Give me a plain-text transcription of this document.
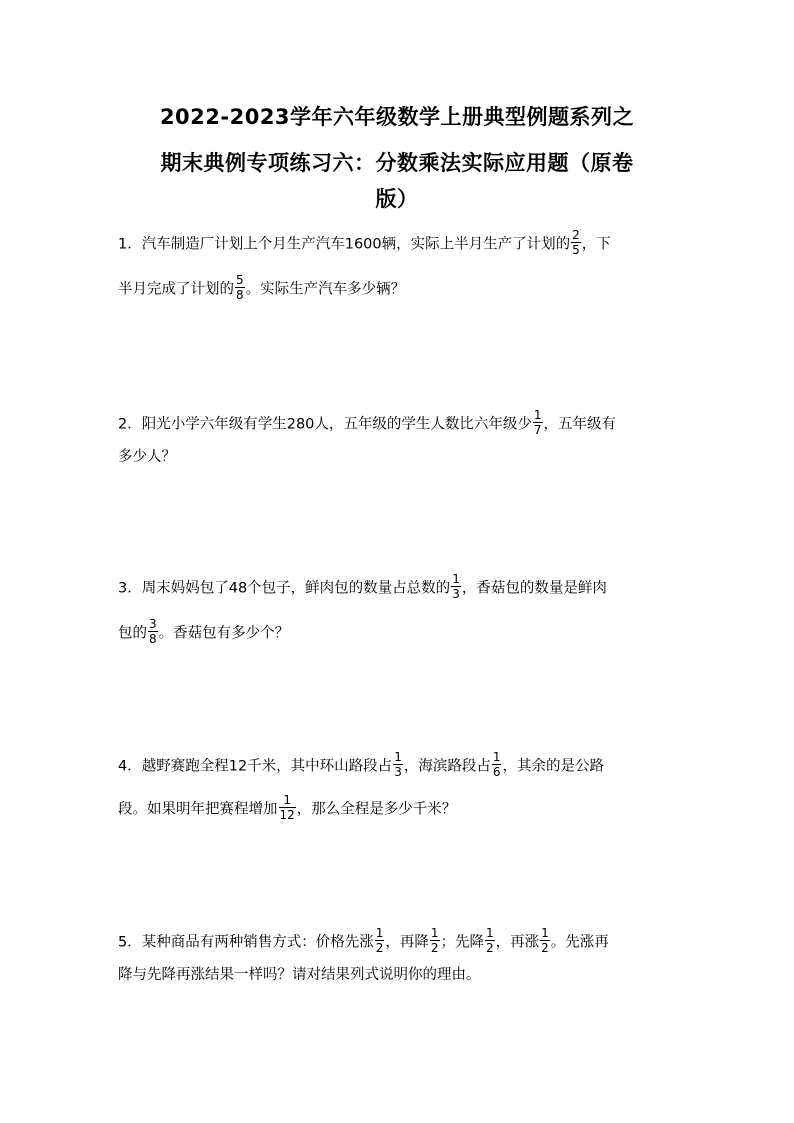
2022-2023学年六年级数学上册典型例题系列之
期末典例专项练习六：分数乘法实际应用题（原卷
版）
1．汽车制造厂计划上个月生产汽车1600辆，实际上半月生产了计划的 $\frac{2}{5}$ ，下
半月完成了计划的 $\frac{5}{8}$ 。实际生产汽车多少辆？
2．阳光小学六年级有学生280人，五年级的学生人数比六年级少 $\frac{1}{7}$ ，五年级有
多少人？
3．周末妈妈包了48个包子，鲜肉包的数量占总数的 $\frac{1}{3}$ ，香菇包的数量是鲜肉
包的 $\frac{3}{8}$ 。香菇包有多少个？
4．越野赛跑全程12千米，其中环山路段占 $\frac{1}{3}$ ，海滨路段占 $\frac{1}{6}$ ，其余的是公路
段。如果明年把赛程增加 $\frac{1}{12}$ ，那么全程是多少千米？
5．某种商品有两种销售方式：价格先涨 $\frac{1}{2}$ ，再降 $\frac{1}{2}$ ；先降 $\frac{1}{2}$ ，再涨 $\frac{1}{2}$ 。先涨再
降与先降再涨结果一样吗？请对结果列式说明你的理由。
